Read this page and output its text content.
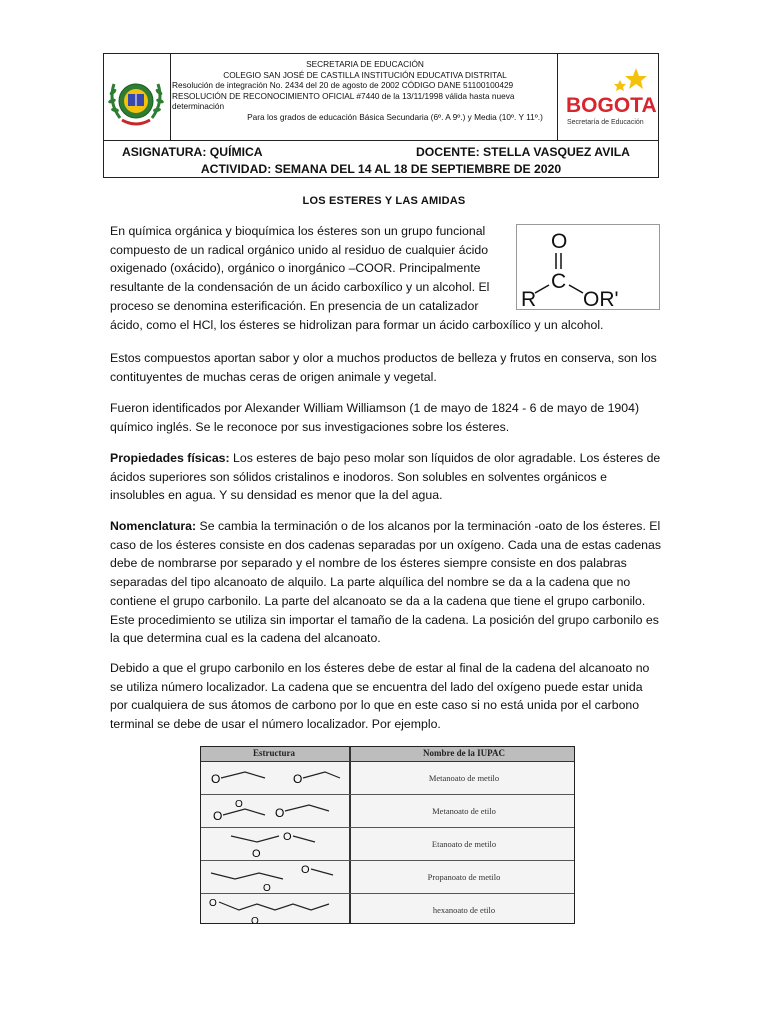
SECRETARIA DE EDUCACIÓN
COLEGIO SAN JOSÉ DE CASTILLA INSTITUCIÓN EDUCATIVA DISTRITAL
Resolución de integración No. 2434 del 20 de agosto de 2002 CÓDIGO DANE 51100100429
RESOLUCIÓN DE RECONOCIMIENTO OFICIAL #7440 de la 13/11/1998 válida hasta nueva
determinación
Para los grados de educación Básica Secundaria (6º. A 9º.) y Media (10º. Y 11º.)	BOGOTA
Secretaría de Educación
ASIGNATURA: QUÍMICA	DOCENTE: STELLA VASQUEZ AVILA
ACTIVIDAD: SEMANA DEL 14 AL 18 DE SEPTIEMBRE DE 2020
LOS ESTERES Y LAS AMIDAS
O
C
R OR'

En química orgánica y bioquímica los ésteres son un grupo funcional compuesto de un radical orgánico unido al residuo de cualquier ácido oxigenado (oxácido), orgánico o inorgánico –COOR. Principalmente resultante de la condensación de un ácido carboxílico y un alcohol. El proceso se denomina esterificación. En presencia de un catalizador

ácido, como el HCl, los ésteres se hidrolizan para formar un ácido carboxílico y un alcohol.

Estos compuestos aportan sabor y olor a muchos productos de belleza y frutos en conserva, son los contituyentes de muchas ceras de origen animale y vegetal.

Fueron identificados por Alexander William Williamson (1 de mayo de 1824 - 6 de mayo de 1904) químico inglés. Se le reconoce por sus investigaciones sobre los ésteres.

Propiedades físicas: Los esteres de bajo peso molar son líquidos de olor agradable. Los ésteres de ácidos superiores son sólidos cristalinos e inodoros. Son solubles en solventes orgánicos e insolubles en agua. Y su densidad es menor que la del agua.

Nomenclatura: Se cambia la terminación o de los alcanos por la terminación -oato de los ésteres. El caso de los ésteres consiste en dos cadenas separadas por un oxígeno. Cada una de estas cadenas debe de nombrarse por separado y el nombre de los ésteres siempre consiste en dos palabras separadas del tipo alcanoato de alquilo. La parte alquílica del nombre se da a la cadena que no contiene el grupo carbonilo. La parte del alcanoato se da a la cadena que tiene el grupo carbonilo. Este procedimiento se utiliza sin importar el tamaño de la cadena. La posición del grupo carbonilo es la que determina cual es la cadena del alcanoato.

Debido a que el grupo carbonilo en los ésteres debe de estar al final de la cadena del alcanoato no se utiliza número localizador. La cadena que se encuentra del lado del oxígeno puede estar unida por cualquiera de sus átomos de carbono por lo que en este caso si no está unida por el carbono terminal se debe de usar el número localizador. Por ejemplo.

Estructura	Nombre de la IUPAC
O	O	Metanoato de metilo
O
O
O	Metanoato de etilo
O
O
Etanoato de metilo
O
O
Propanoato de metilo
O
O
hexanoato de etilo
